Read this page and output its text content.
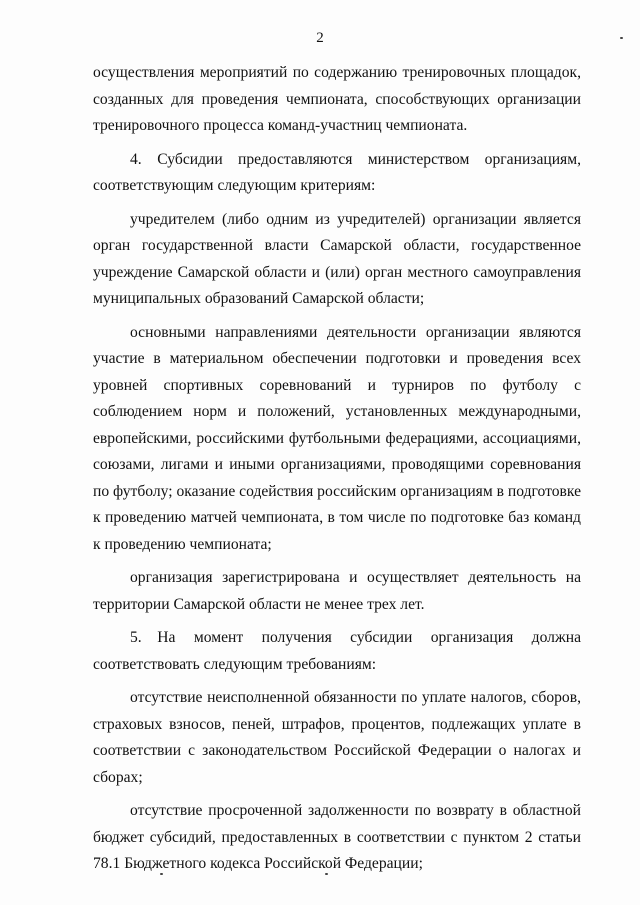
2

осуществления мероприятий по содержанию тренировочных площадок, созданных для проведения чемпионата, способствующих организации тренировочного процесса команд-участниц чемпионата.

4. Субсидии предоставляются министерством организациям, соответствующим следующим критериям:

учредителем (либо одним из учредителей) организации является орган государственной власти Самарской области, государственное учреждение Самарской области и (или) орган местного самоуправления муниципальных образований Самарской области;

основными направлениями деятельности организации являются участие в материальном обеспечении подготовки и проведения всех уровней спортивных соревнований и турниров по футболу с соблюдением норм и положений, установленных международными, европейскими, российскими футбольными федерациями, ассоциациями, союзами, лигами и иными организациями, проводящими соревнования по футболу; оказание содействия российским организациям в подготовке к проведению матчей чемпионата, в том числе по подготовке баз команд к проведению чемпионата;

организация зарегистрирована и осуществляет деятельность на территории Самарской области не менее трех лет.

5. На момент получения субсидии организация должна соответствовать следующим требованиям:

отсутствие неисполненной обязанности по уплате налогов, сборов, страховых взносов, пеней, штрафов, процентов, подлежащих уплате в соответствии с законодательством Российской Федерации о налогах и сборах;

отсутствие просроченной задолженности по возврату в областной бюджет субсидий, предоставленных в соответствии с пунктом 2 статьи 78.1 Бюджетного кодекса Российской Федерации;
